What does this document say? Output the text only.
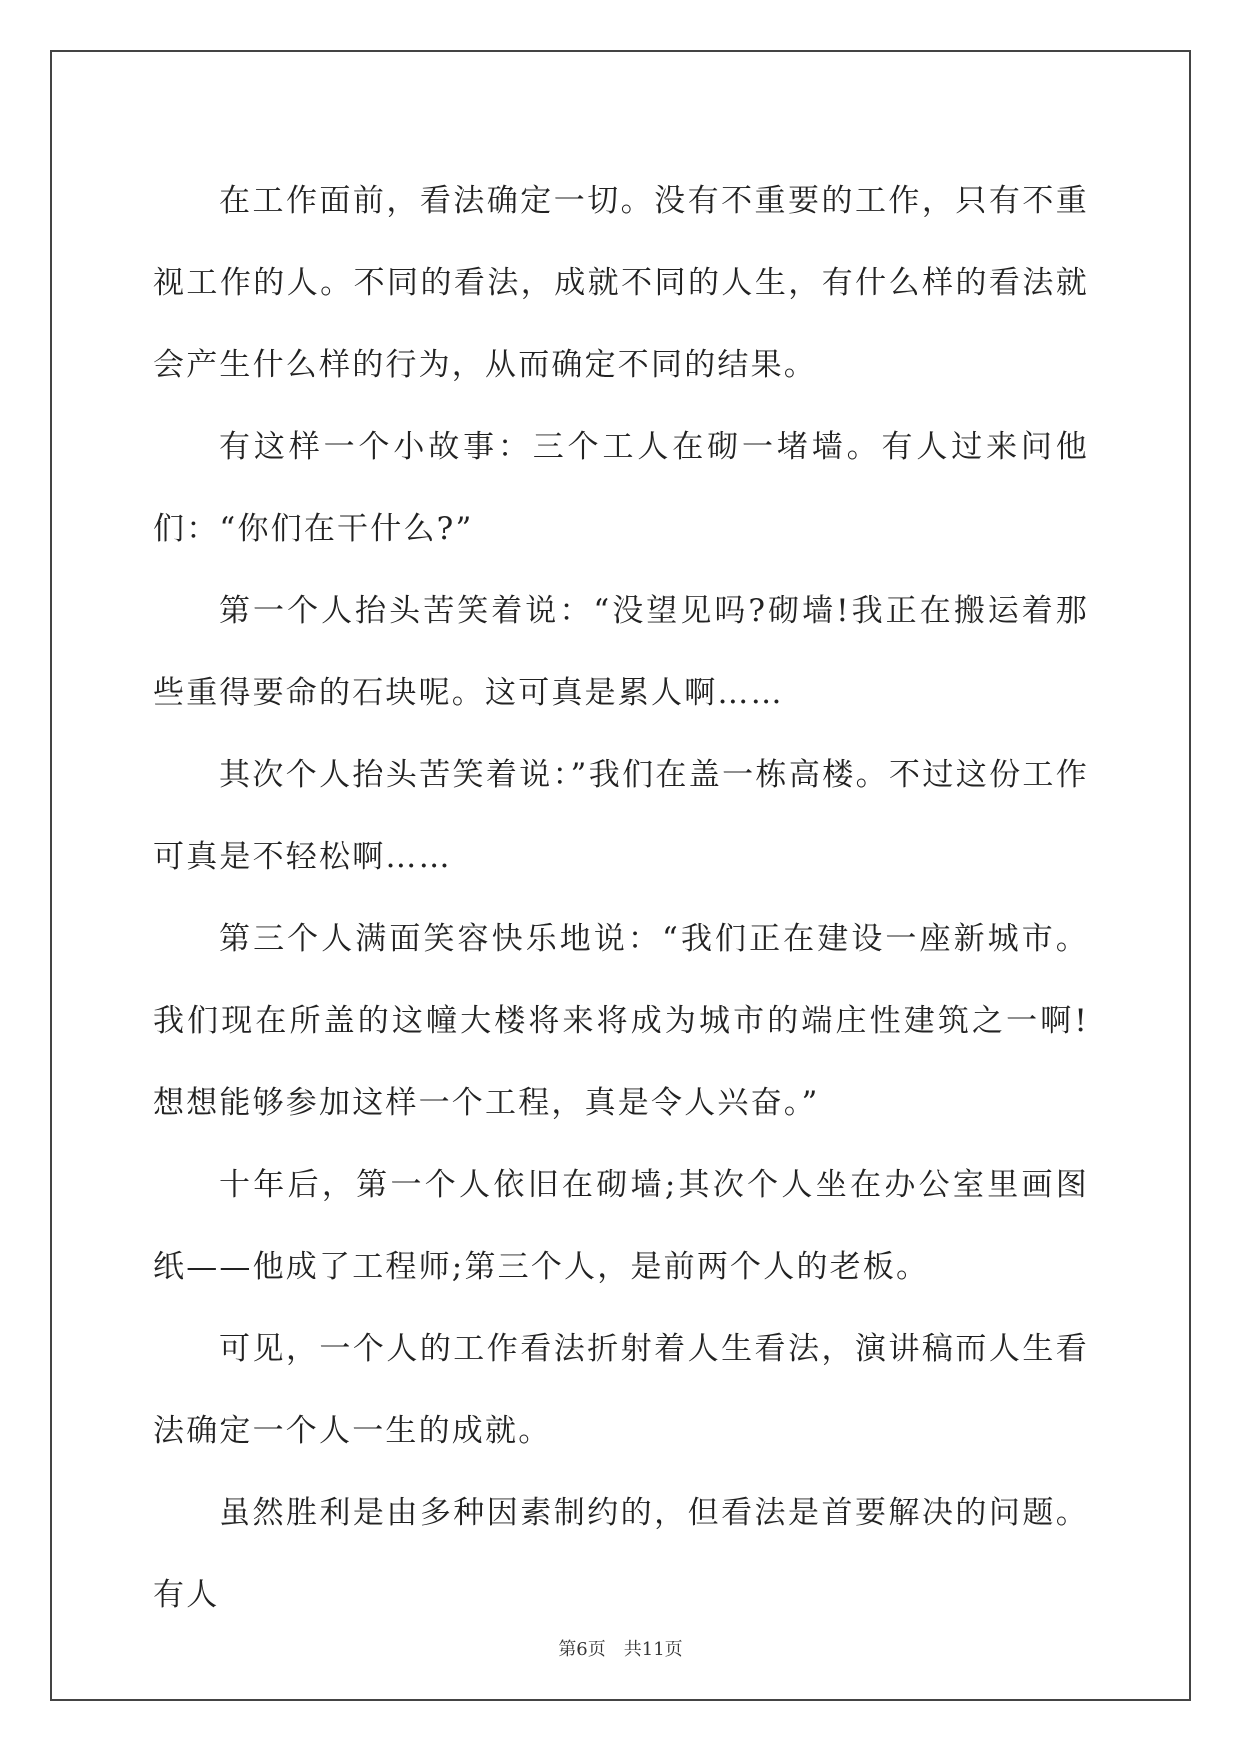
在工作面前，看法确定一切。没有不重要的工作，只有不重视工作的人。不同的看法，成就不同的人生，有什么样的看法就会产生什么样的行为，从而确定不同的结果。

有这样一个小故事：三个工人在砌一堵墙。有人过来问他们：“你们在干什么?”

第一个人抬头苦笑着说：“没望见吗?砌墙!我正在搬运着那些重得要命的石块呢。这可真是累人啊……

其次个人抬头苦笑着说：”我们在盖一栋高楼。不过这份工作可真是不轻松啊……

第三个人满面笑容快乐地说：“我们正在建设一座新城市。我们现在所盖的这幢大楼将来将成为城市的端庄性建筑之一啊!想想能够参加这样一个工程，真是令人兴奋。”

十年后，第一个人依旧在砌墙;其次个人坐在办公室里画图纸——他成了工程师;第三个人，是前两个人的老板。

可见，一个人的工作看法折射着人生看法，演讲稿而人生看法确定一个人一生的成就。

虽然胜利是由多种因素制约的，但看法是首要解决的问题。有人

第6页 共11页
